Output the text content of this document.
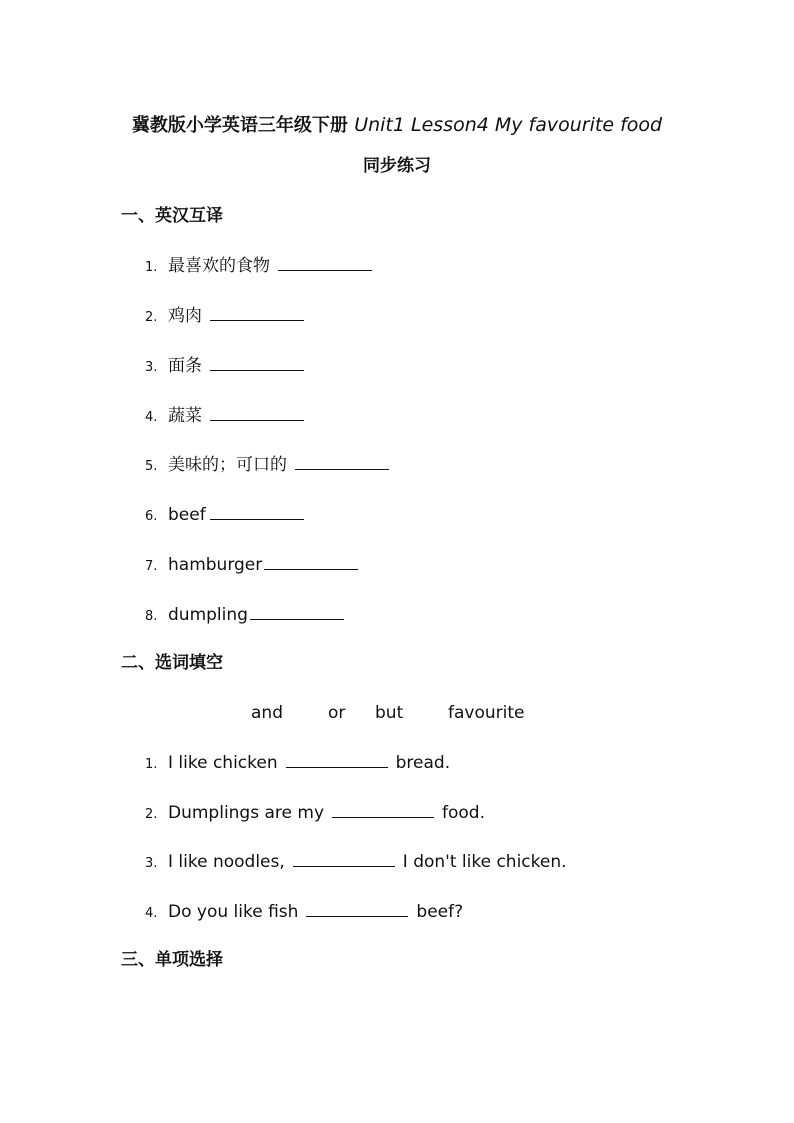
冀教版小学英语三年级下册 Unit1 Lesson4 My favourite food
同步练习
一、英汉互译
1. 最喜欢的食物
2. 鸡肉
3. 面条
4. 蔬菜
5. 美味的；可口的
6. beef
7. hamburger
8. dumpling
二、选词填空
and	or	but	favourite
1. I like chicken	bread.
2. Dumplings are my	food.
3. I like noodles,	I don't like chicken.
4. Do you like fish	beef?
三、单项选择
